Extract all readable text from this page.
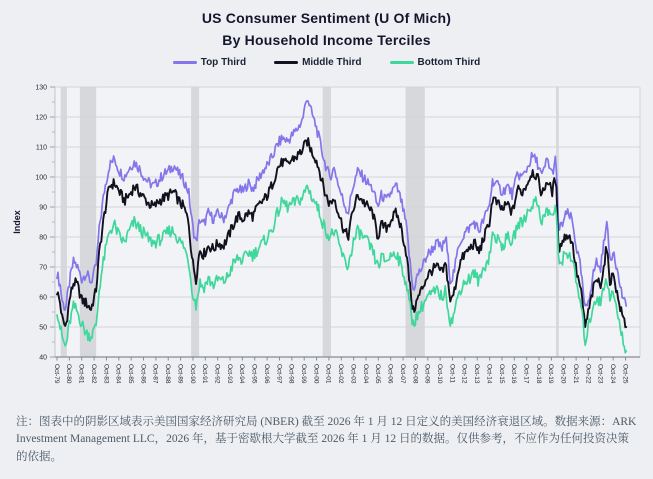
US Consumer Sentiment (U Of Mich)
By Household Income Terciles
Top Third	Middle Third	Bottom Third
40
50
60
70
80
90
100
110
120
130
Oct-79 Oct-80 Oct-81 Oct-82 Oct-83 Oct-84 Oct-85 Oct-86 Oct-87 Oct-88 Oct-89 Oct-90 Oct-91 Oct-92 Oct-93 Oct-94 Oct-95 Oct-96 Oct-97 Oct-98 Oct-99 Oct-00 Oct-01 Oct-02 Oct-03 Oct-04 Oct-05 Oct-06 Oct-07 Oct-08 Oct-09 Oct-10 Oct-11 Oct-12 Oct-13 Oct-14 Oct-15 Oct-16 Oct-17 Oct-18 Oct-19 Oct-20 Oct-21 Oct-22 Oct-23 Oct-24 Oct-25
Index
注：图表中的阴影区域表示美国国家经济研究局 (NBER) 截至 2026 年 1 月 12 日定义的美国经济衰退区域。数据来源：ARK Investment Management LLC，2026 年，基于密歇根大学截至 2026 年 1 月 12 日的数据。仅供参考，不应作为任何投资决策的依据。
